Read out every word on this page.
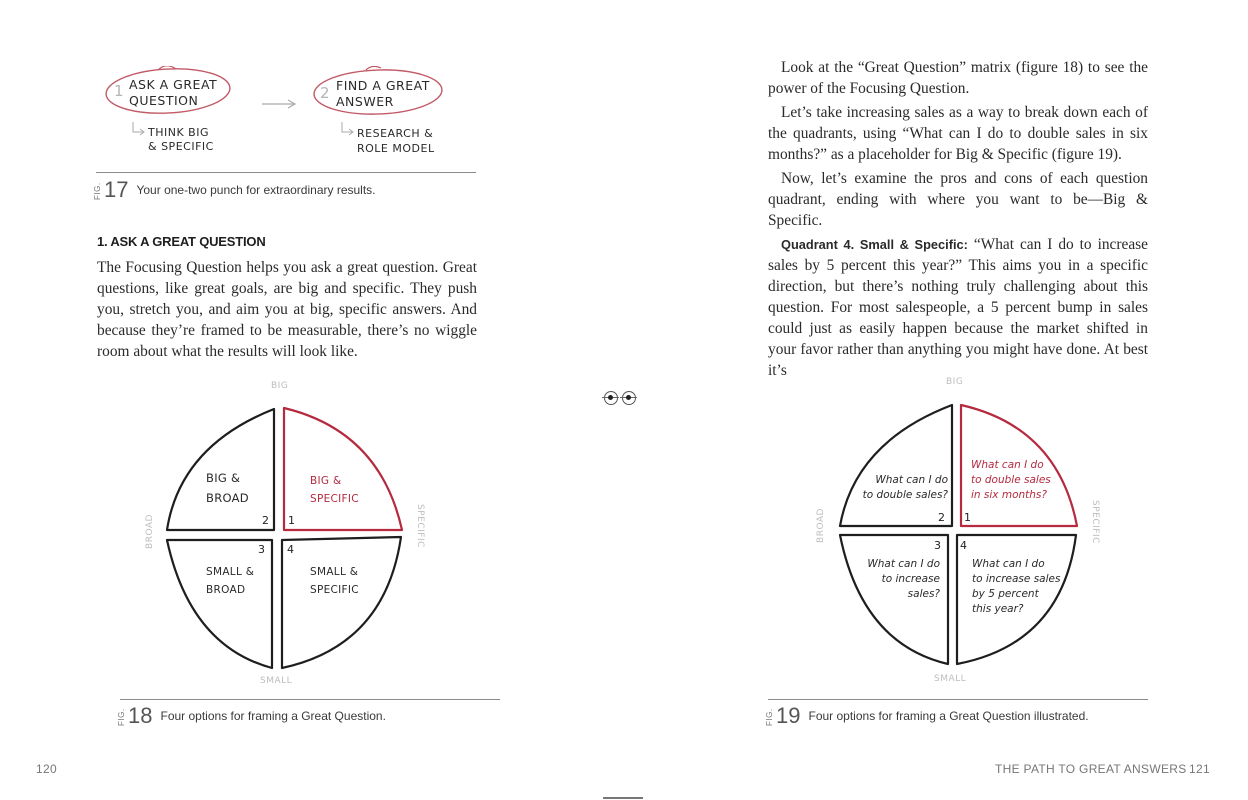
1 ASK A GREAT
QUESTION	2 FIND A GREAT
ANSWER
THINK BIG
& SPECIFIC
RESEARCH &
ROLE MODEL
FIG. 17 Your one-two punch for extraordinary results.
1. ASK A GREAT QUESTION

The Focusing Question helps you ask a great question. Great questions, like great goals, are big and specific. They push you, stretch you, and aim you at big, specific answers. And because they’re framed to be measurable, there’s no wiggle room about what the results will look like.

BIG
SMALL
BROAD	SPECIFIC
BIG &
BROAD
2
BIG &
SPECIFIC
1
3
SMALL &
BROAD
4
SMALL &
SPECIFIC
FIG. 18 Four options for framing a Great Question.
120

Look at the “Great Question” matrix (figure 18) to see the power of the Focusing Question.

Let’s take increasing sales as a way to break down each of the quadrants, using “What can I do to double sales in six months?” as a placeholder for Big & Specific (figure 19).

Now, let’s examine the pros and cons of each question quadrant, ending with where you want to be—Big & Specific.

Quadrant 4. Small & Specific: “What can I do to increase sales by 5 percent this year?” This aims you in a specific direction, but there’s nothing truly challenging about this question. For most salespeople, a 5 percent bump in sales could just as easily happen because the market shifted in your favor rather than anything you might have done. At best it’s

BIG
SMALL
BROAD	SPECIFIC
What can I do
to double sales?
2
What can I do
to double sales
in six months?
1
3
What can I do
to increase
sales?
4
What can I do
to increase sales
by 5 percent
this year?
FIG. 19 Four options for framing a Great Question illustrated.
THE PATH TO GREAT ANSWERS 121
